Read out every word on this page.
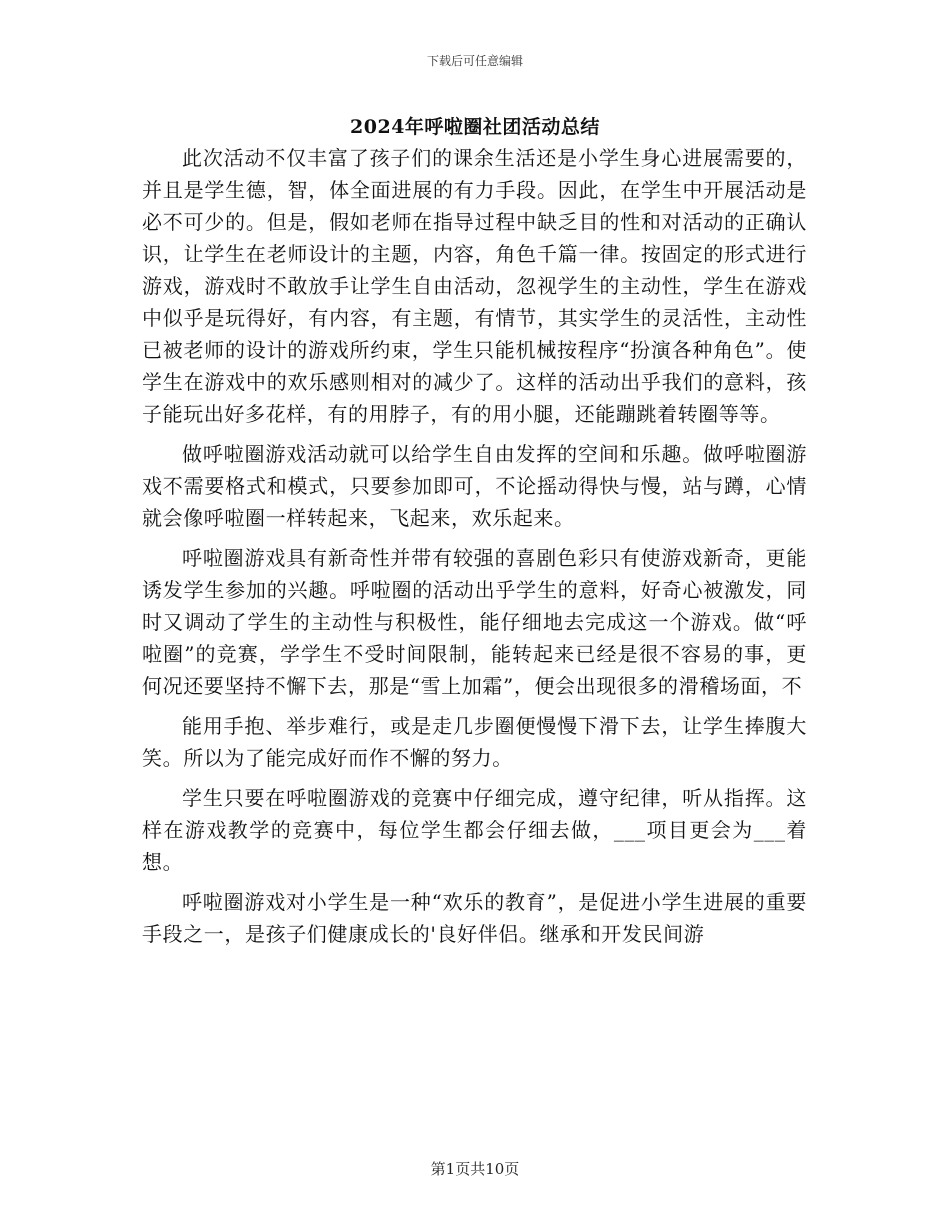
下载后可任意编辑
2024年呼啦圈社团活动总结

此次活动不仅丰富了孩子们的课余生活还是小学生身心进展需要的，并且是学生德，智，体全面进展的有力手段。因此，在学生中开展活动是必不可少的。但是，假如老师在指导过程中缺乏目的性和对活动的正确认识，让学生在老师设计的主题，内容，角色千篇一律。按固定的形式进行游戏，游戏时不敢放手让学生自由活动，忽视学生的主动性，学生在游戏中似乎是玩得好，有内容，有主题，有情节，其实学生的灵活性，主动性已被老师的设计的游戏所约束，学生只能机械按程序“扮演各种角色”。使学生在游戏中的欢乐感则相对的减少了。这样的活动出乎我们的意料，孩子能玩出好多花样，有的用脖子，有的用小腿，还能蹦跳着转圈等等。

做呼啦圈游戏活动就可以给学生自由发挥的空间和乐趣。做呼啦圈游戏不需要格式和模式，只要参加即可，不论摇动得快与慢，站与蹲，心情就会像呼啦圈一样转起来，飞起来，欢乐起来。

呼啦圈游戏具有新奇性并带有较强的喜剧色彩只有使游戏新奇，更能诱发学生参加的兴趣。呼啦圈的活动出乎学生的意料，好奇心被激发，同时又调动了学生的主动性与积极性，能仔细地去完成这一个游戏。做“呼啦圈”的竞赛，学学生不受时间限制，能转起来已经是很不容易的事，更何况还要坚持不懈下去，那是“雪上加霜”，便会出现很多的滑稽场面，不

能用手抱、举步难行，或是走几步圈便慢慢下滑下去，让学生捧腹大笑。所以为了能完成好而作不懈的努力。

学生只要在呼啦圈游戏的竞赛中仔细完成，遵守纪律，听从指挥。这样在游戏教学的竞赛中，每位学生都会仔细去做，___项目更会为___着想。

呼啦圈游戏对小学生是一种“欢乐的教育”，是促进小学生进展的重要手段之一，是孩子们健康成长的'良好伴侣。继承和开发民间游

第1页共10页
